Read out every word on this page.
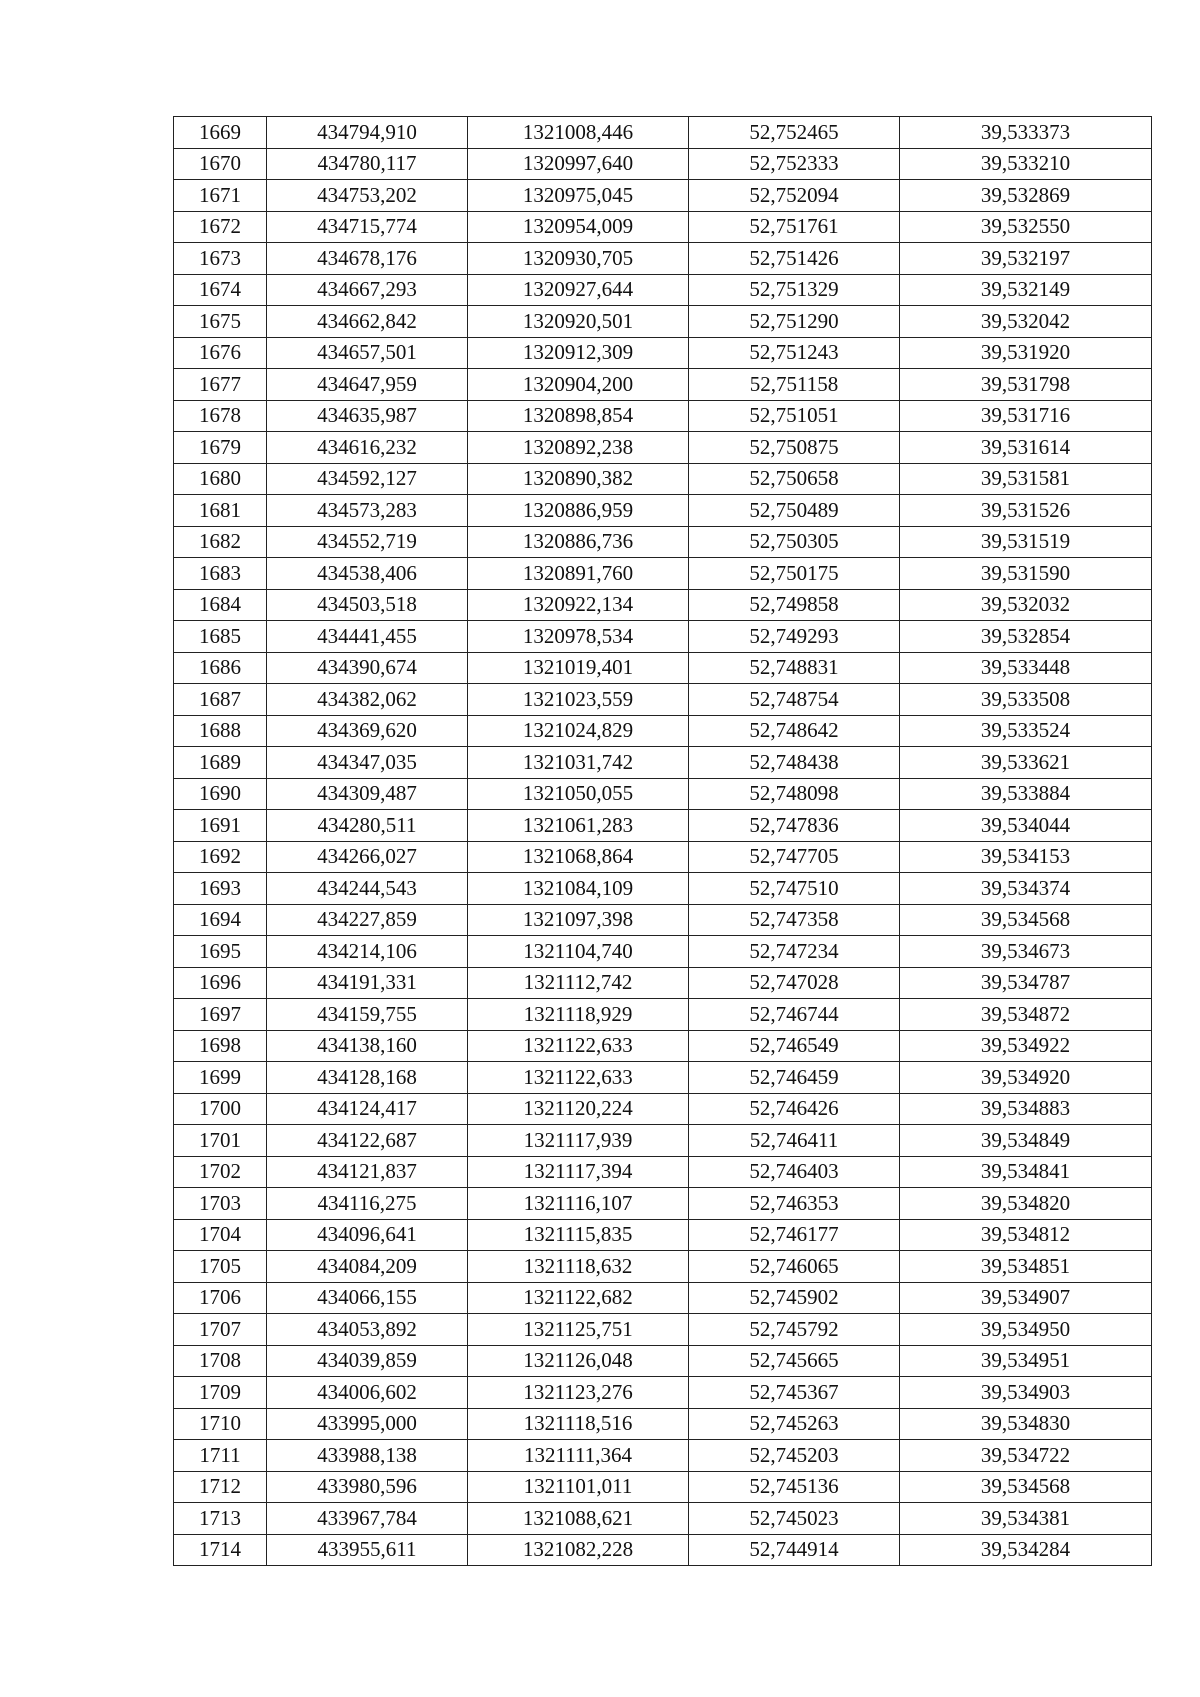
1669	434794,910	1321008,446	52,752465	39,533373
1670	434780,117	1320997,640	52,752333	39,533210
1671	434753,202	1320975,045	52,752094	39,532869
1672	434715,774	1320954,009	52,751761	39,532550
1673	434678,176	1320930,705	52,751426	39,532197
1674	434667,293	1320927,644	52,751329	39,532149
1675	434662,842	1320920,501	52,751290	39,532042
1676	434657,501	1320912,309	52,751243	39,531920
1677	434647,959	1320904,200	52,751158	39,531798
1678	434635,987	1320898,854	52,751051	39,531716
1679	434616,232	1320892,238	52,750875	39,531614
1680	434592,127	1320890,382	52,750658	39,531581
1681	434573,283	1320886,959	52,750489	39,531526
1682	434552,719	1320886,736	52,750305	39,531519
1683	434538,406	1320891,760	52,750175	39,531590
1684	434503,518	1320922,134	52,749858	39,532032
1685	434441,455	1320978,534	52,749293	39,532854
1686	434390,674	1321019,401	52,748831	39,533448
1687	434382,062	1321023,559	52,748754	39,533508
1688	434369,620	1321024,829	52,748642	39,533524
1689	434347,035	1321031,742	52,748438	39,533621
1690	434309,487	1321050,055	52,748098	39,533884
1691	434280,511	1321061,283	52,747836	39,534044
1692	434266,027	1321068,864	52,747705	39,534153
1693	434244,543	1321084,109	52,747510	39,534374
1694	434227,859	1321097,398	52,747358	39,534568
1695	434214,106	1321104,740	52,747234	39,534673
1696	434191,331	1321112,742	52,747028	39,534787
1697	434159,755	1321118,929	52,746744	39,534872
1698	434138,160	1321122,633	52,746549	39,534922
1699	434128,168	1321122,633	52,746459	39,534920
1700	434124,417	1321120,224	52,746426	39,534883
1701	434122,687	1321117,939	52,746411	39,534849
1702	434121,837	1321117,394	52,746403	39,534841
1703	434116,275	1321116,107	52,746353	39,534820
1704	434096,641	1321115,835	52,746177	39,534812
1705	434084,209	1321118,632	52,746065	39,534851
1706	434066,155	1321122,682	52,745902	39,534907
1707	434053,892	1321125,751	52,745792	39,534950
1708	434039,859	1321126,048	52,745665	39,534951
1709	434006,602	1321123,276	52,745367	39,534903
1710	433995,000	1321118,516	52,745263	39,534830
1711	433988,138	1321111,364	52,745203	39,534722
1712	433980,596	1321101,011	52,745136	39,534568
1713	433967,784	1321088,621	52,745023	39,534381
1714	433955,611	1321082,228	52,744914	39,534284
